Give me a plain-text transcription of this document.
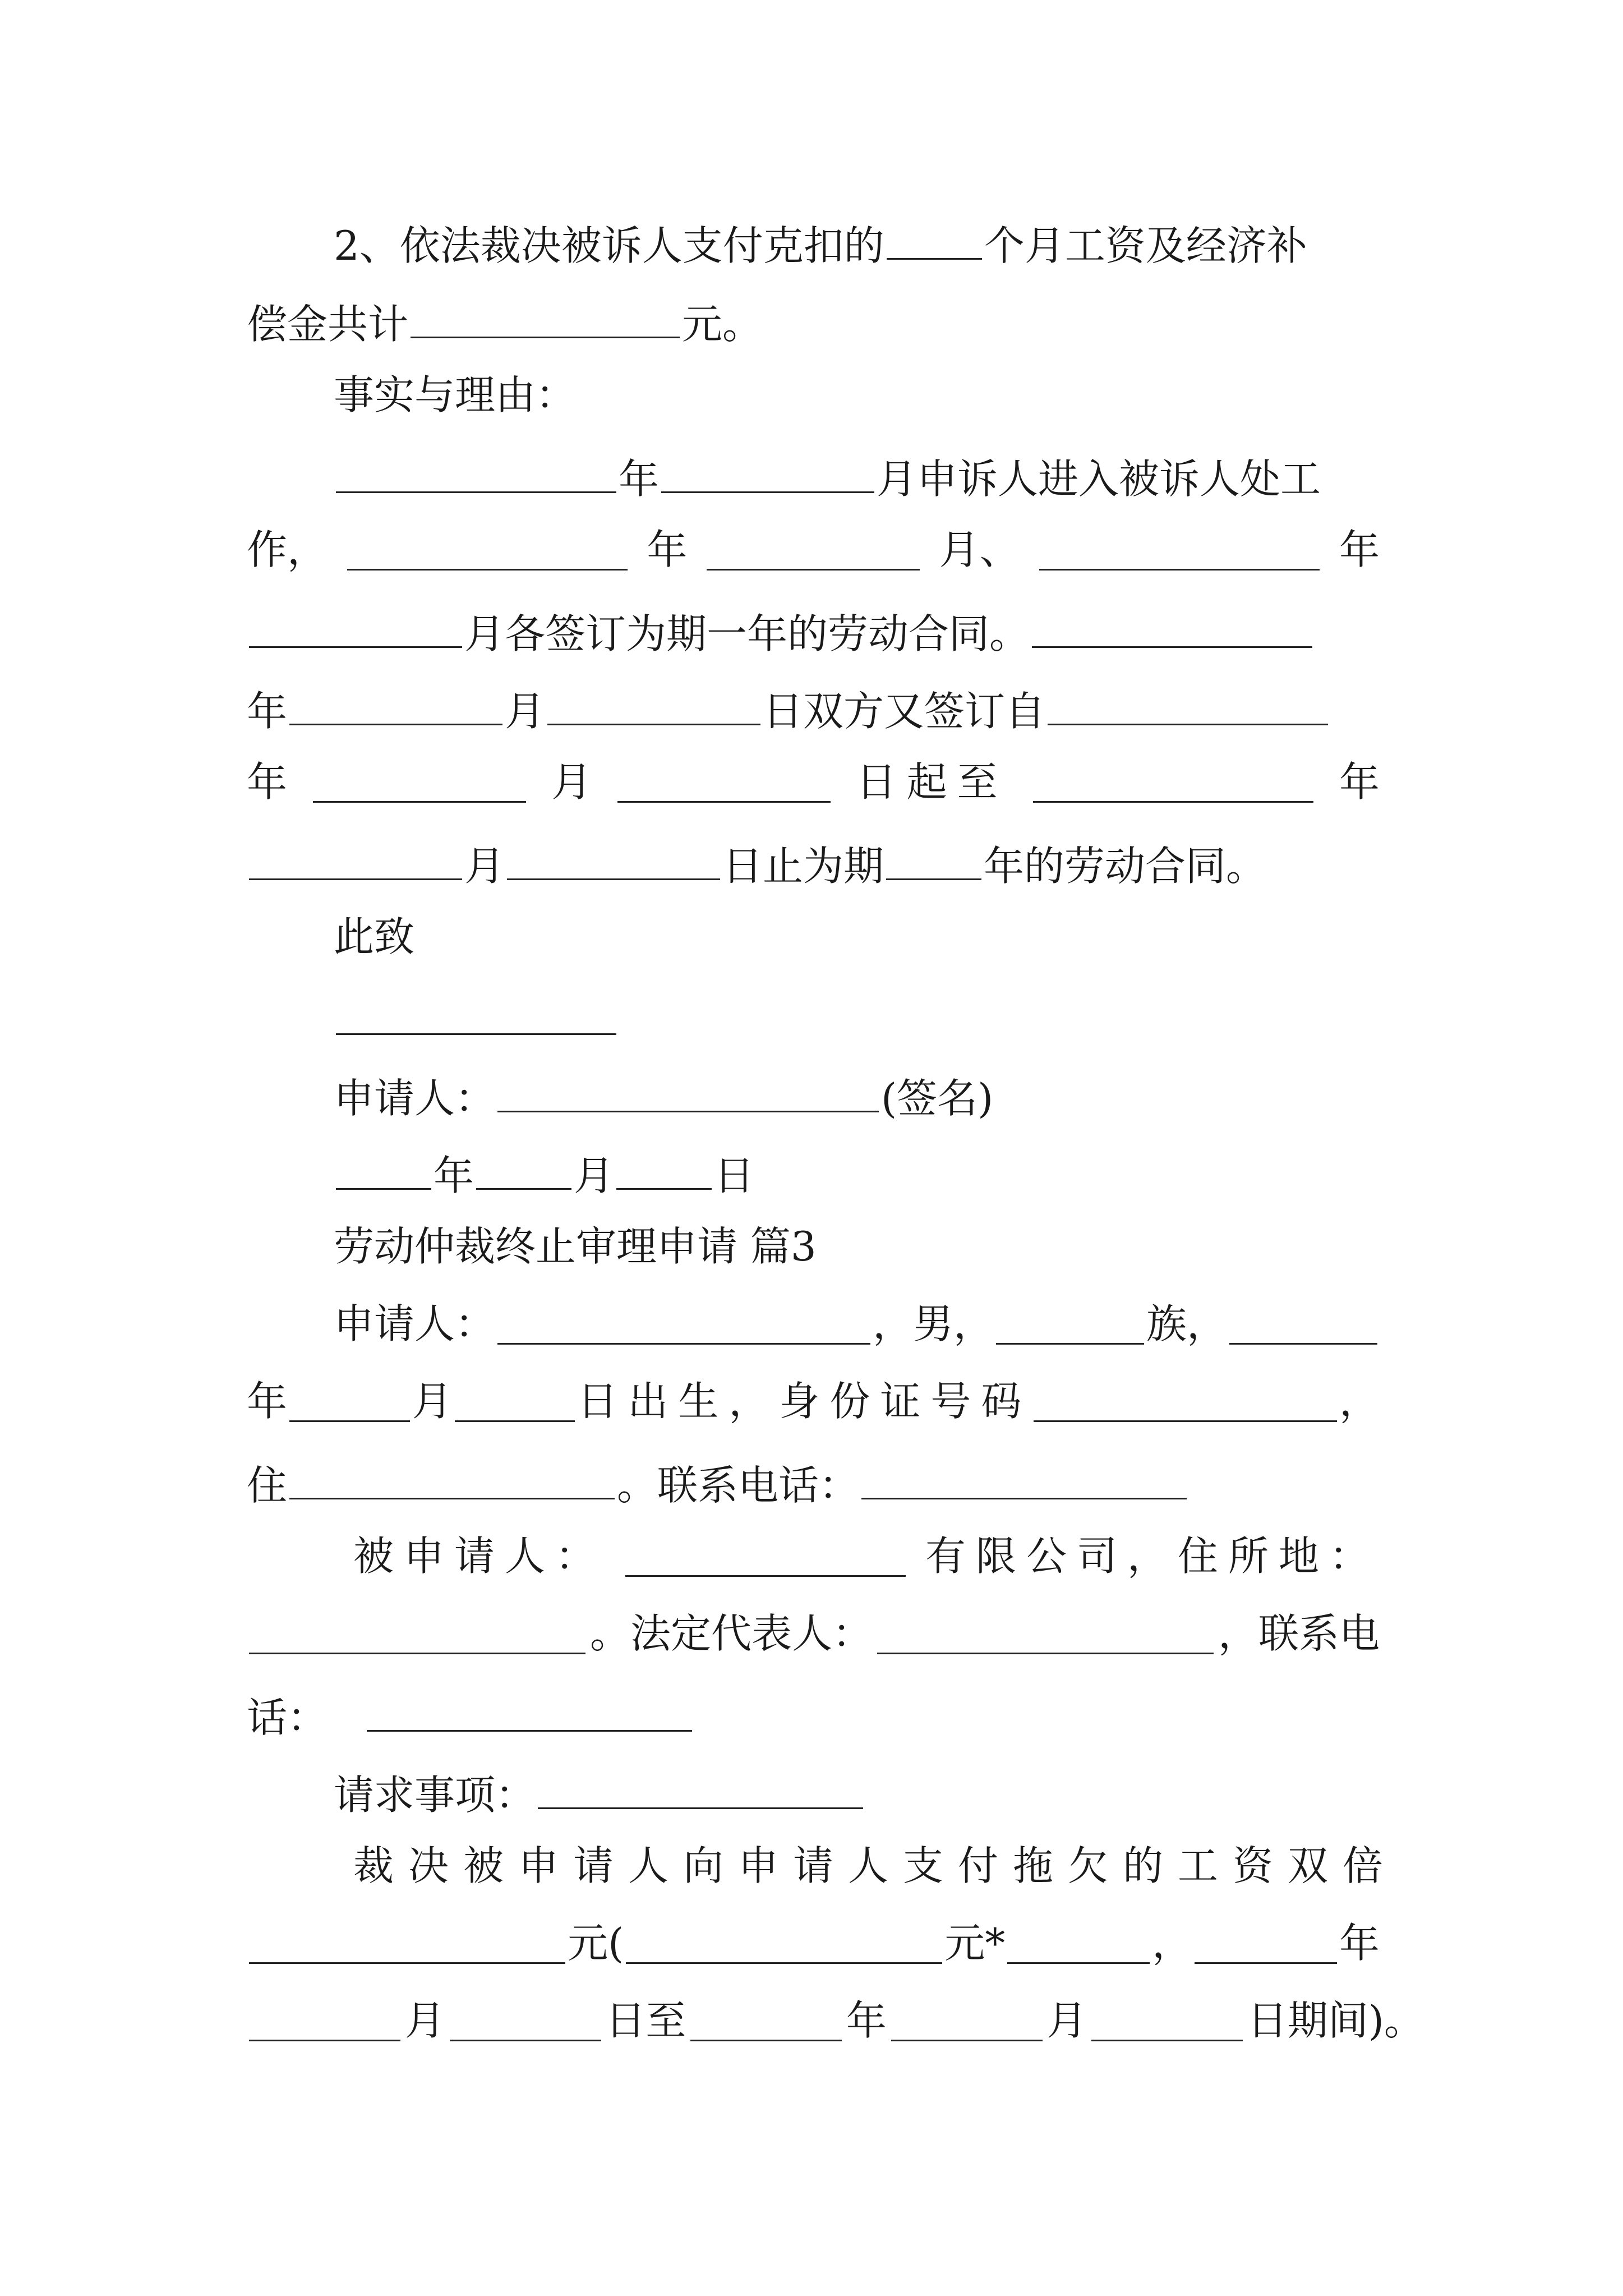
2、依法裁决被诉人支付克扣的 个月工资及经济补
偿金共计	元。
事实与理由：
年	月申诉人进入被诉人处工
作，	年	月、	年
月各签订为期一年的劳动合同。
年	月	日双方又签订自
年	月	日起至	年
月	日止为期 年的劳动合同。
此致
申请人：	(签名)
年 月 日
劳动仲裁终止审理申请 篇3
申请人：	，男，	族，
年	月	日出生，身份证号码	，
住	。联系电话：
被申请人：	有限公司，住所地：
。法定代表人：	，联系电
话：
请求事项：
裁决被申请人向申请人支付拖欠的工资双倍
元(	元*	，	年
月	日至	年	月	日期间)。
